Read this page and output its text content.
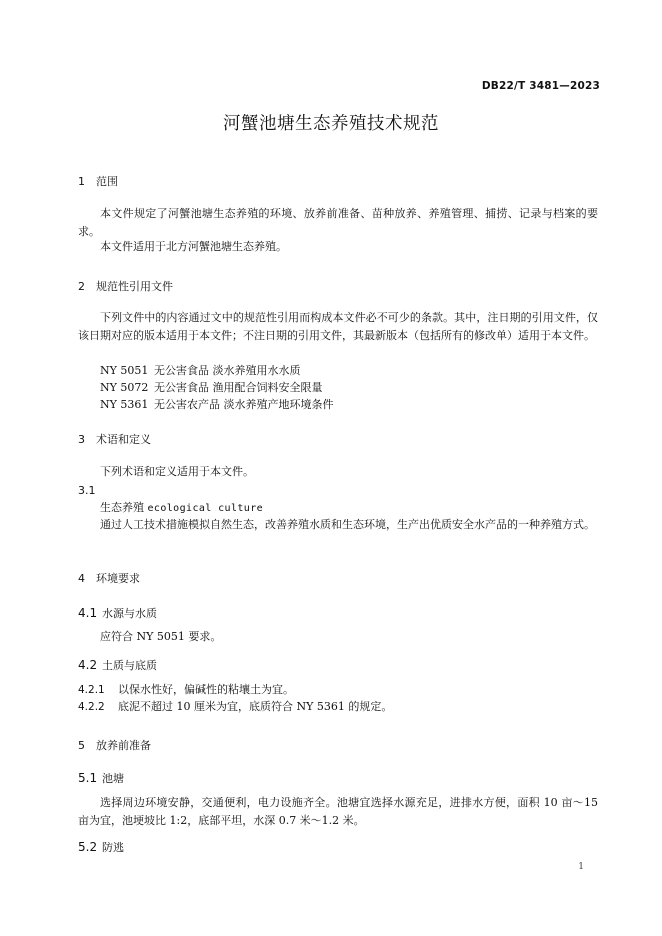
DB22/T 3481—2023
河蟹池塘生态养殖技术规范
1 范围
本文件规定了河蟹池塘生态养殖的环境、放养前准备、苗种放养、养殖管理、捕捞、记录与档案的要求。
本文件适用于北方河蟹池塘生态养殖。
2 规范性引用文件
下列文件中的内容通过文中的规范性引用而构成本文件必不可少的条款。其中，注日期的引用文件，仅该日期对应的版本适用于本文件；不注日期的引用文件，其最新版本（包括所有的修改单）适用于本文件。
NY 5051 无公害食品 淡水养殖用水水质
NY 5072 无公害食品 渔用配合饲料安全限量
NY 5361 无公害农产品 淡水养殖产地环境条件
3 术语和定义
下列术语和定义适用于本文件。
3.1
生态养殖 ecological culture
通过人工技术措施模拟自然生态，改善养殖水质和生态环境，生产出优质安全水产品的一种养殖方式。
4 环境要求
4.1 水源与水质
应符合 NY 5051 要求。
4.2 土质与底质
4.2.1 以保水性好，偏碱性的粘壤土为宜。
4.2.2 底泥不超过 10 厘米为宜，底质符合 NY 5361 的规定。
5 放养前准备
5.1 池塘
选择周边环境安静，交通便利，电力设施齐全。池塘宜选择水源充足，进排水方便，面积 10 亩～15 亩为宜，池埂坡比 1:2，底部平坦，水深 0.7 米～1.2 米。
5.2 防逃
1
